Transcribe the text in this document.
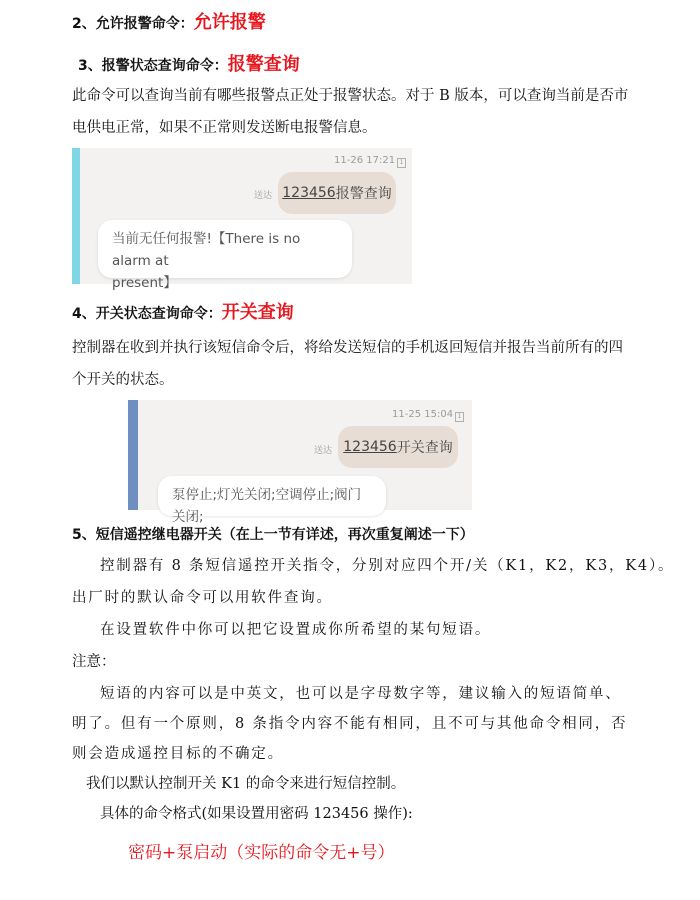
2、允许报警命令：允许报警
3、报警状态查询命令：报警查询
此命令可以查询当前有哪些报警点正处于报警状态。对于 B 版本，可以查询当前是否市
电供电正常，如果不正常则发送断电报警信息。
11-26 17:21 1
送达 123456 报警查询
当前无任何报警!【There is no alarm at
present】
4、开关状态查询命令：开关查询
控制器在收到并执行该短信命令后，将给发送短信的手机返回短信并报告当前所有的四
个开关的状态。
11-25 15:04 1
送达 123456 开关查询
泵停止;灯光关闭;空调停止;阀门关闭;
5、短信遥控继电器开关（在上一节有详述，再次重复阐述一下）
控制器有 8 条短信遥控开关指令，分别对应四个开/关（K1，K2，K3，K4）。
出厂时的默认命令可以用软件查询。
在设置软件中你可以把它设置成你所希望的某句短语。
注意：
短语的内容可以是中英文，也可以是字母数字等，建议输入的短语简单、
明了。但有一个原则，8 条指令内容不能有相同，且不可与其他命令相同，否
则会造成遥控目标的不确定。
我们以默认控制开关 K1 的命令来进行短信控制。
具体的命令格式(如果设置用密码 123456 操作):
密码+泵启动（实际的命令无+号）
